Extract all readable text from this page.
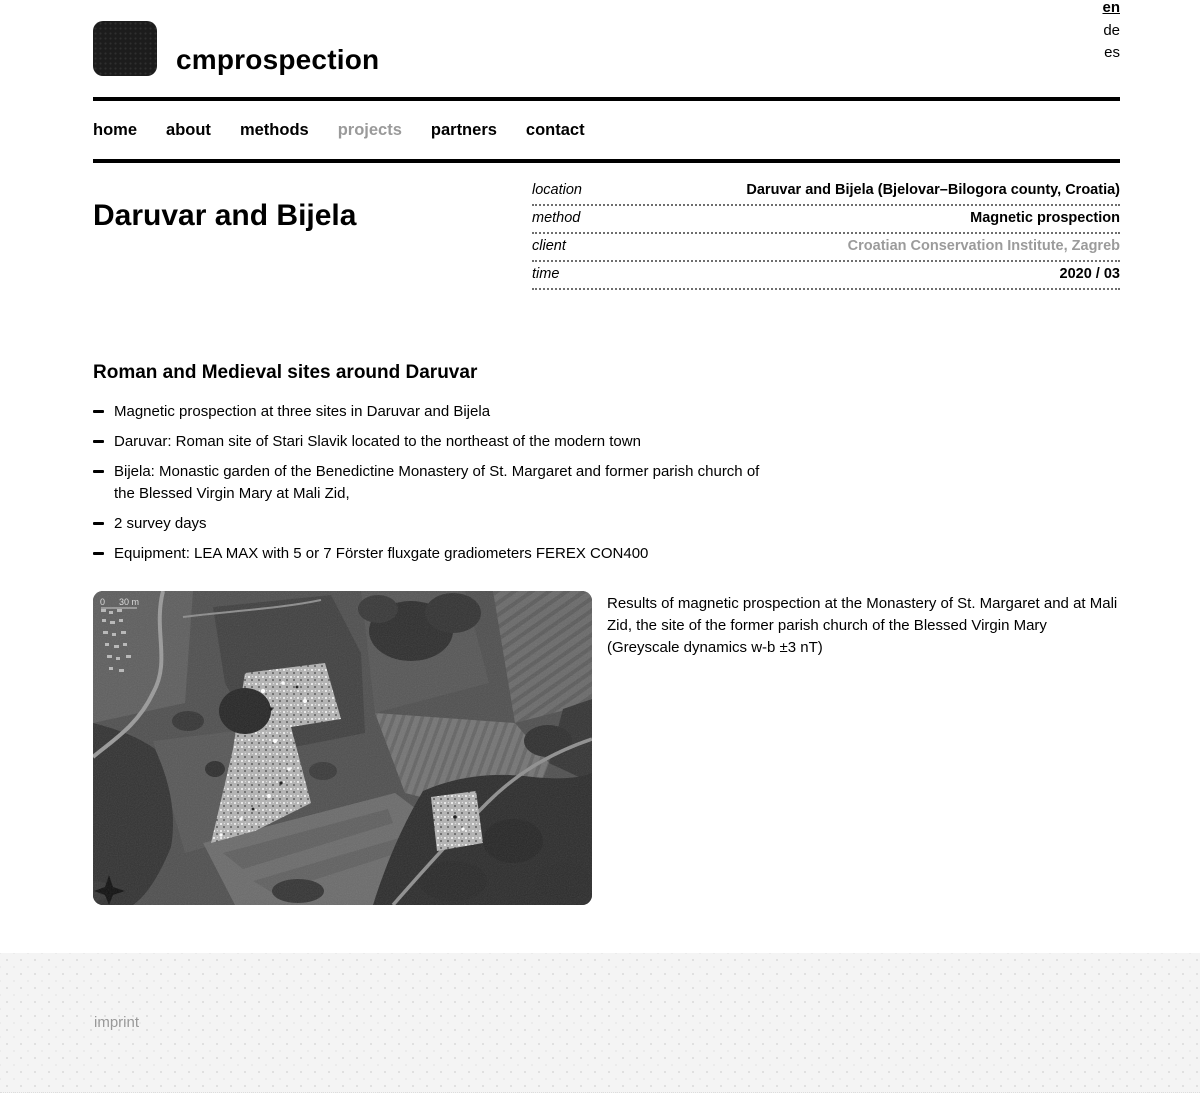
cmprospection
en
de
es
home about methods projects partners contact
Daruvar and Bijela
location	Daruvar and Bijela (Bjelovar–Bilogora county, Croatia)
method	Magnetic prospection
client	Croatian Conservation Institute, Zagreb
time	2020 / 03
Roman and Medieval sites around Daruvar
Magnetic prospection at three sites in Daruvar and Bijela
Daruvar: Roman site of Stari Slavik located to the northeast of the modern town
Bijela: Monastic garden of the Benedictine Monastery of St. Margaret and former parish church of the Blessed Virgin Mary at Mali Zid,
2 survey days
Equipment: LEA MAX with 5 or 7 Förster fluxgate gradiometers FEREX CON400
0 30 m	Results of magnetic prospection at the Monastery of St. Margaret and at Mali Zid, the site of the former parish church of the Blessed Virgin Mary (Greyscale dynamics w-b ±3 nT)
imprint
